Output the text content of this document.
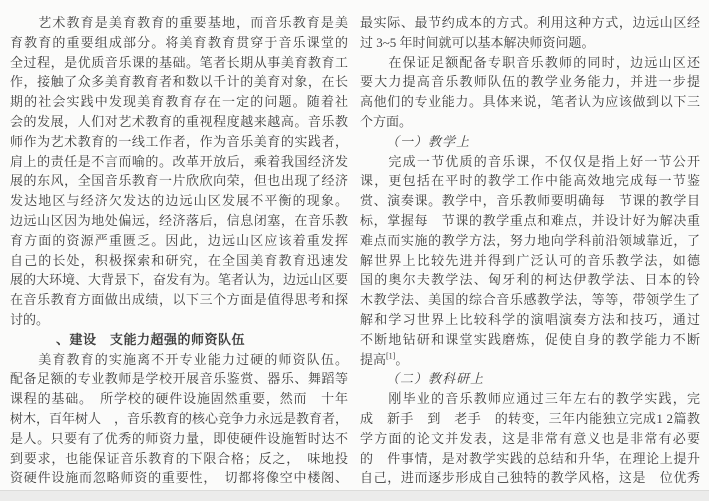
　　艺术教育是美育教育的重要基地，而音乐教育是美
育教育的重要组成部分。将美育教育贯穿于音乐课堂的
全过程，是优质音乐课的基础。笔者长期从事美育教育工
作，接触了众多美育教育者和数以千计的美育对象，在长
期的社会实践中发现美育教育存在一定的问题。随着社
会的发展，人们对艺术教育的重视程度越来越高。音乐教
师作为艺术教育的一线工作者，作为音乐美育的实践者，
肩上的责任是不言而喻的。改革开放后，乘着我国经济发
展的东风，全国音乐教育一片欣欣向荣，但也出现了经济
发达地区与经济欠发达的边远山区发展不平衡的现象。
边远山区因为地处偏远，经济落后，信息闭塞，在音乐教
育方面的资源严重匮乏。因此，边远山区应该着重发挥
自己的长处，积极探索和研究，在全国美育教育迅速发
展的大环境、大背景下，奋发有为。笔者认为，边远山区要
在音乐教育方面做出成绩，以下三个方面是值得思考和探
讨的。
、建设　支能力超强的师资队伍
　　美育教育的实施离不开专业能力过硬的师资队伍。
配备足额的专业教师是学校开展音乐鉴赏、器乐、舞蹈等
课程的基础。　所学校的硬件设施固然重要，然而　十年
树木，百年树人　，音乐教育的核心竞争力永远是教育者，
是人。只要有了优秀的师资力量，即使硬件设施暂时达不
到要求，也能保证音乐教育的下限合格；反之，　味地投
资硬件设施而忽略师资的重要性，　切都将像空中楼阁、
最实际、最节约成本的方式。利用这种方式，边远山区经
过 3~5 年时间就可以基本解决师资问题。
　　在保证足额配备专职音乐教师的同时，边远山区还
要大力提高音乐教师队伍的教学业务能力，并进一步提
高他们的专业能力。具体来说，笔者认为应该做到以下三
个方面。
（一）教学上
　　完成一节优质的音乐课，不仅仅是指上好一节公开
课，更包括在平时的教学工作中能高效地完成每一节鉴
赏、演奏课。教学中，音乐教师要明确每　节课的教学目
标，掌握每　节课的教学重点和难点，并设计好为解决重
难点而实施的教学方法，努力地向学科前沿领域靠近，了
解世界上比较先进并得到广泛认可的音乐教学法，如德
国的奥尔夫教学法、匈牙利的柯达伊教学法、日本的铃
木教学法、美国的综合音乐感教学法，等等，带领学生了
解和学习世界上比较科学的演唱演奏方法和技巧，通过
不断地钻研和课堂实践磨炼，促使自身的教学能力不断
提高[1]。
（二）教科研上
　　刚毕业的音乐教师应通过三年左右的教学实践，完
成　新手　到　老手　的转变，三年内能独立完成1 2篇教
学方面的论文并发表，这是非常有意义也是非常有必要
的　件事情，是对教学实践的总结和升华，在理论上提升
自己，进而逐步形成自己独特的教学风格，这是　位优秀
